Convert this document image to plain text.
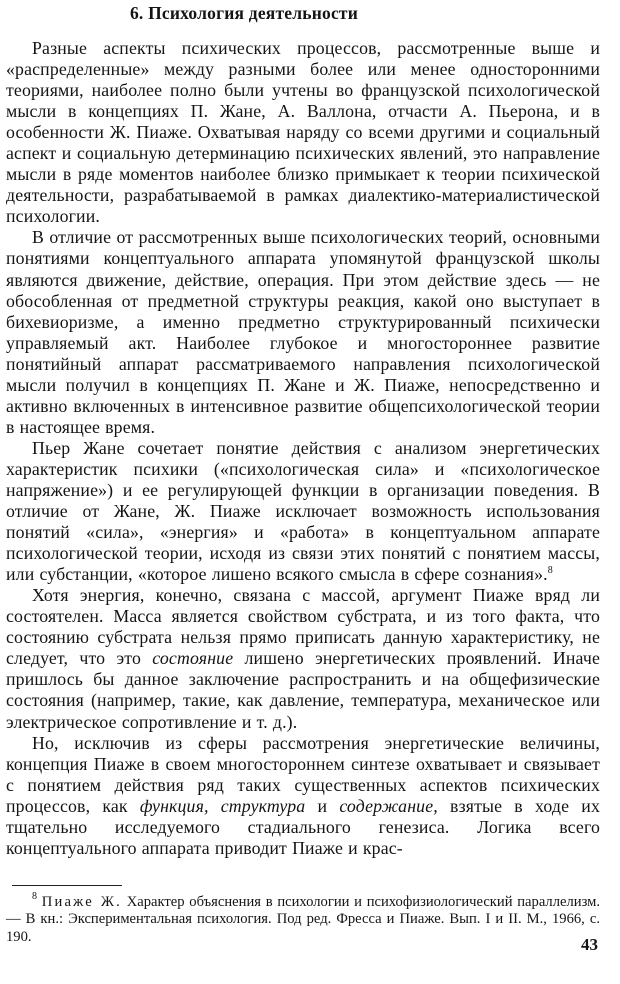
6. Психология деятельности

Разные аспекты психических процессов, рассмотренные выше и «распределенные» между разными более или менее односторонними теориями, наиболее полно были учтены во французской психологической мысли в концепциях П. Жане, А. Валлона, отчасти А. Пьерона, и в особенности Ж. Пиаже. Охватывая наряду со всеми другими и социальный аспект и социальную детерминацию психических явлений, это направление мысли в ряде моментов наиболее близко примыкает к теории психической деятельности, разрабатываемой в рамках диалектико-материалистической психологии.

В отличие от рассмотренных выше психологических теорий, основными понятиями концептуального аппарата упомянутой французской школы являются движение, действие, операция. При этом действие здесь — не обособленная от предметной структуры реакция, какой оно выступает в бихевиоризме, а именно предметно структурированный психически управляемый акт. Наиболее глубокое и многостороннее развитие понятийный аппарат рассматриваемого направления психологической мысли получил в концепциях П. Жане и Ж. Пиаже, непосредственно и активно включенных в интенсивное развитие общепсихологической теории в настоящее время.

Пьер Жане сочетает понятие действия с анализом энергетических характеристик психики («психологическая сила» и «психологическое напряжение») и ее регулирующей функции в организации поведения. В отличие от Жане, Ж. Пиаже исключает возможность использования понятий «сила», «энергия» и «работа» в концептуальном аппарате психологической теории, исходя из связи этих понятий с понятием массы, или субстанции, «которое лишено всякого смысла в сфере сознания».$^8$

Хотя энергия, конечно, связана с массой, аргумент Пиаже вряд ли состоятелен. Масса является свойством субстрата, и из того факта, что состоянию субстрата нельзя прямо приписать данную характеристику, не следует, что это состояние лишено энергетических проявлений. Иначе пришлось бы данное заключение распространить и на общефизические состояния (например, такие, как давление, температура, механическое или электрическое сопротивление и т. д.).

Но, исключив из сферы рассмотрения энергетические величины, концепция Пиаже в своем многостороннем синтезе охватывает и связывает с понятием действия ряд таких существенных аспектов психических процессов, как функция, структура и содержание, взятые в ходе их тщательно исследуемого стадиального генезиса. Логика всего концептуального аппарата приводит Пиаже и крас-

$^8$ Пиаже Ж. Характер объяснения в психологии и психофизиологический параллелизм. — В кн.: Экспериментальная психология. Под ред. Фресса и Пиаже. Вып. I и II. М., 1966, с. 190.	43
